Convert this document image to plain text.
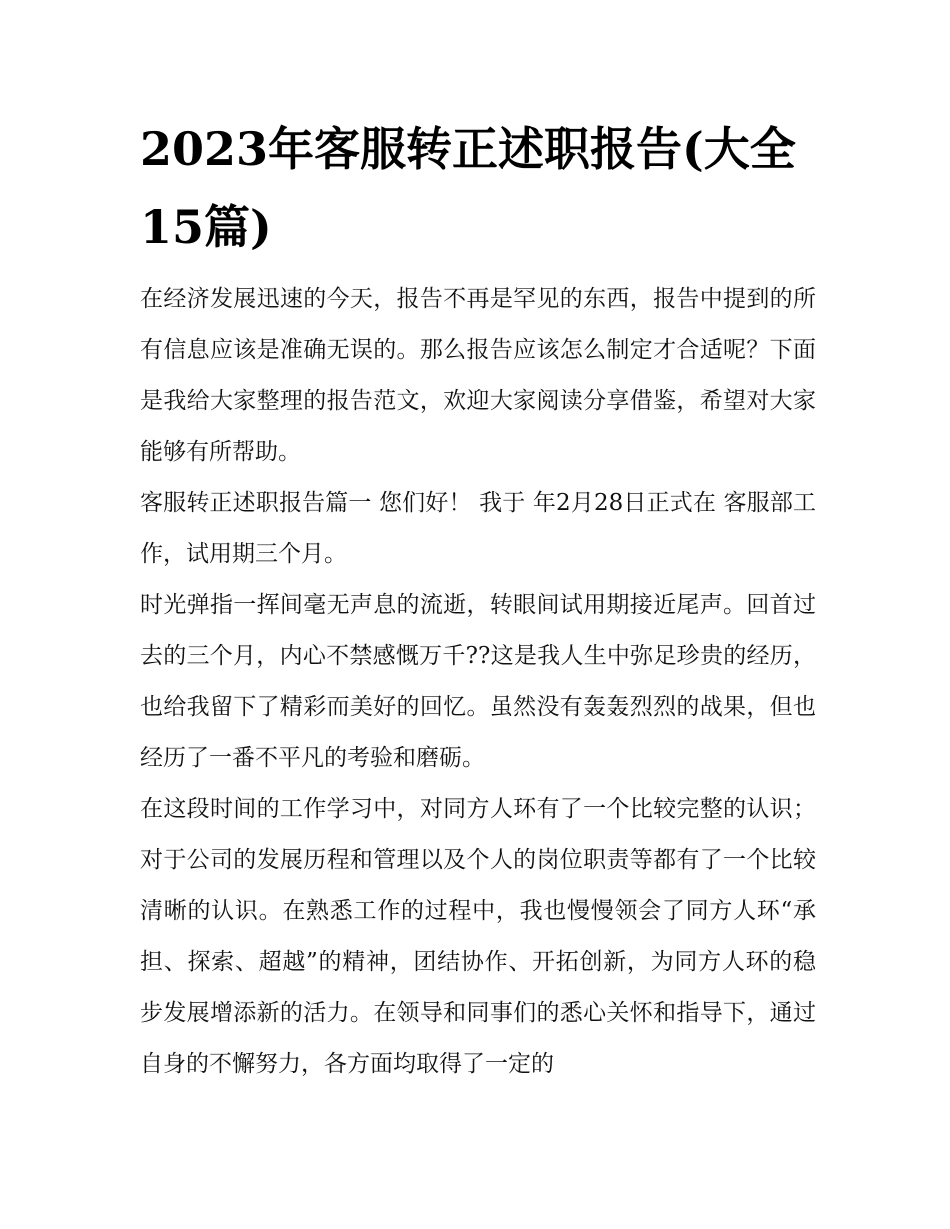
2023年客服转正述职报告(大全15篇)

在经济发展迅速的今天，报告不再是罕见的东西，报告中提到的所有信息应该是准确无误的。那么报告应该怎么制定才合适呢？下面是我给大家整理的报告范文，欢迎大家阅读分享借鉴，希望对大家能够有所帮助。

客服转正述职报告篇一 您们好！ 我于 年2月28日正式在 客服部工作，试用期三个月。

时光弹指一挥间毫无声息的流逝，转眼间试用期接近尾声。回首过去的三个月，内心不禁感慨万千??这是我人生中弥足珍贵的经历，也给我留下了精彩而美好的回忆。虽然没有轰轰烈烈的战果，但也经历了一番不平凡的考验和磨砺。

在这段时间的工作学习中，对同方人环有了一个比较完整的认识；对于公司的发展历程和管理以及个人的岗位职责等都有了一个比较清晰的认识。在熟悉工作的过程中，我也慢慢领会了同方人环“承担、探索、超越”的精神，团结协作、开拓创新，为同方人环的稳步发展增添新的活力。在领导和同事们的悉心关怀和指导下，通过自身的不懈努力，各方面均取得了一定的
